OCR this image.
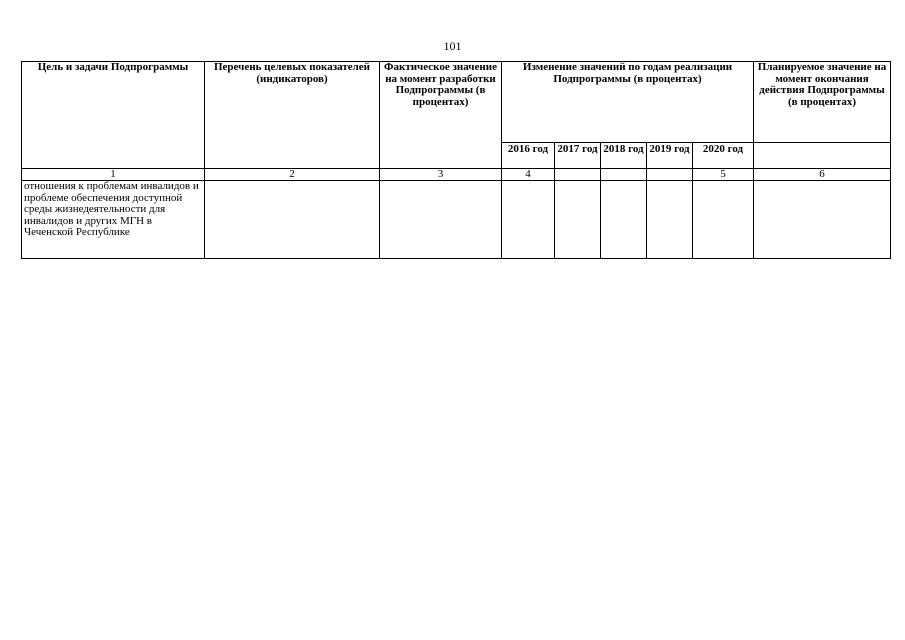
101
Цель и задачи Подпрограммы	Перечень целевых показателей (индикаторов)	Фактическое значение на момент разработки Подпрограммы (в процентах)	Изменение значений по годам реализации Подпрограммы (в процентах)					Планируемое значение на момент окончания действия Подпрограммы (в процентах)
			2016 год	2017 год	2018 год	2019 год	2020 год	
1	2	3	4				5	6
отношения к проблемам инвалидов и проблеме обеспечения доступной среды жизнедеятельности для инвалидов и других МГН в Чеченской Республике								
